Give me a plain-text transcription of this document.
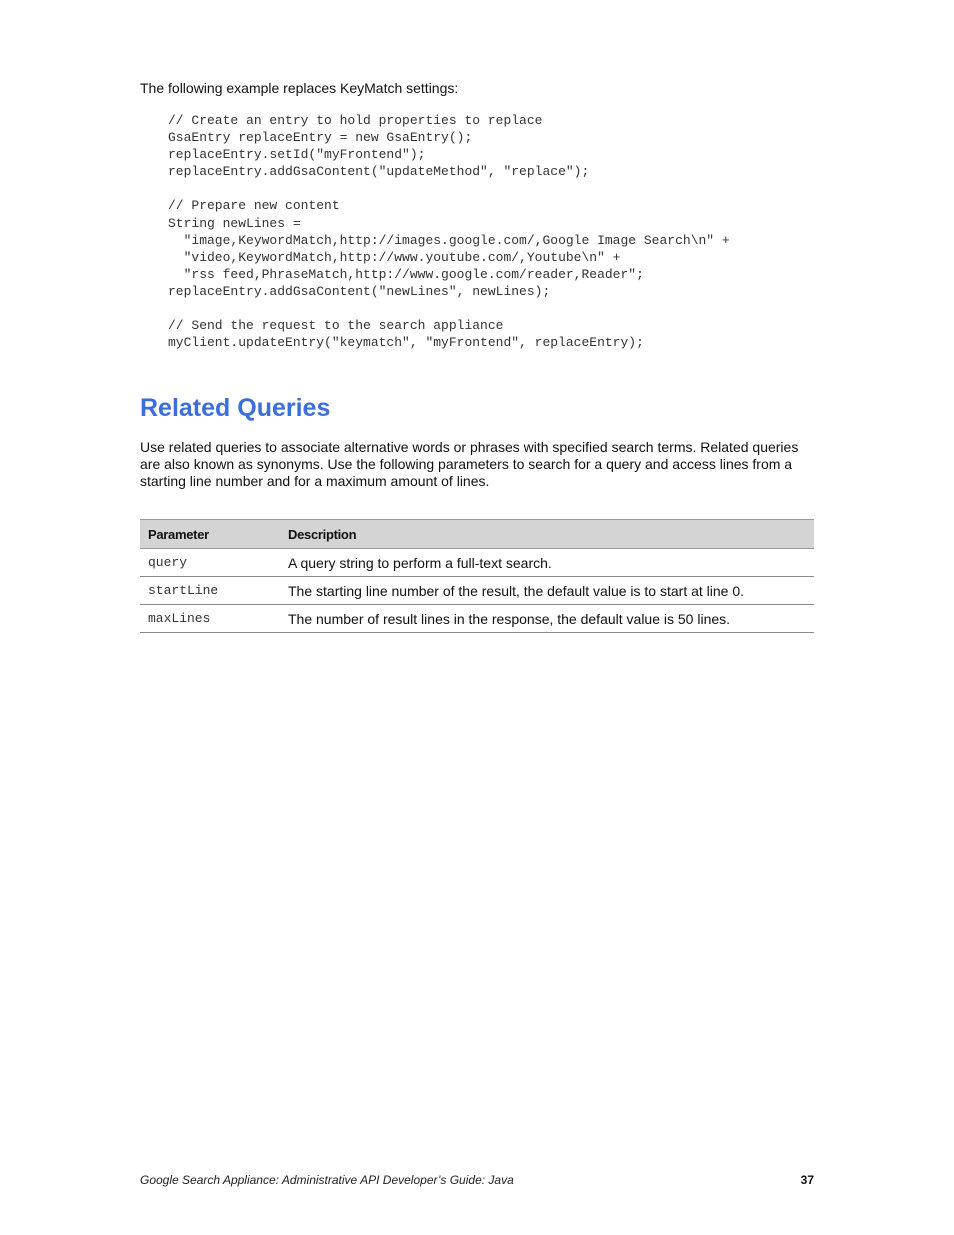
The following example replaces KeyMatch settings:

// Create an entry to hold properties to replace
GsaEntry replaceEntry = new GsaEntry();
replaceEntry.setId("myFrontend");
replaceEntry.addGsaContent("updateMethod", "replace");
// Prepare new content
String newLines =
"image,KeywordMatch,http://images.google.com/,Google Image Search\n" +
"video,KeywordMatch,http://www.youtube.com/,Youtube\n" +
"rss feed,PhraseMatch,http://www.google.com/reader,Reader";
replaceEntry.addGsaContent("newLines", newLines);
// Send the request to the search appliance
myClient.updateEntry("keymatch", "myFrontend", replaceEntry);
Related Queries

Use related queries to associate alternative words or phrases with specified search terms. Related queries are also known as synonyms. Use the following parameters to search for a query and access lines from a starting line number and for a maximum amount of lines.

Parameter	Description
query	A query string to perform a full-text search.
startLine	The starting line number of the result, the default value is to start at line 0.
maxLines	The number of result lines in the response, the default value is 50 lines.

Google Search Appliance: Administrative API Developer’s Guide: Java	37
